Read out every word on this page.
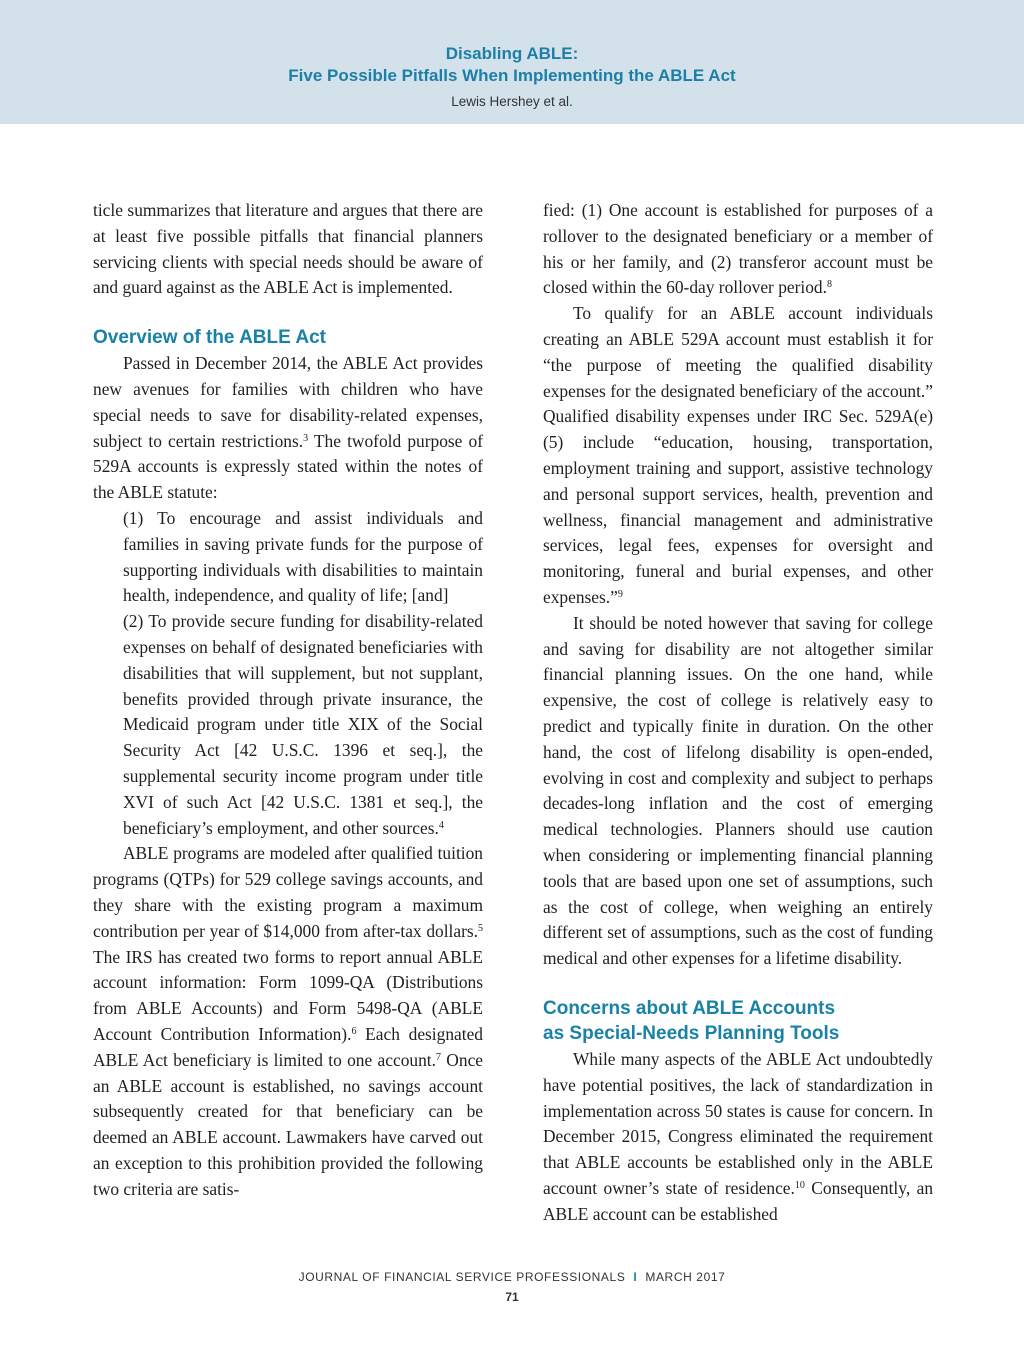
Disabling ABLE:
Five Possible Pitfalls When Implementing the ABLE Act
Lewis Hershey et al.

ticle summarizes that literature and argues that there are at least five possible pitfalls that financial planners servicing clients with special needs should be aware of and guard against as the ABLE Act is implemented.

Overview of the ABLE Act

Passed in December 2014, the ABLE Act provides new avenues for families with children who have special needs to save for disability-related expenses, subject to certain restrictions.$^3$ The twofold purpose of 529A accounts is expressly stated within the notes of the ABLE statute:

(1) To encourage and assist individuals and families in saving private funds for the purpose of supporting individuals with disabilities to maintain health, independence, and quality of life; [and]

(2) To provide secure funding for disability-related expenses on behalf of designated beneficiaries with disabilities that will supplement, but not supplant, benefits provided through private insurance, the Medicaid program under title XIX of the Social Security Act [42 U.S.C. 1396 et seq.], the supplemental security income program under title XVI of such Act [42 U.S.C. 1381 et seq.], the beneficiary’s employment, and other sources.$^4$

ABLE programs are modeled after qualified tuition programs (QTPs) for 529 college savings accounts, and they share with the existing program a maximum contribution per year of $14,000 from after-tax dollars.$^5$ The IRS has created two forms to report annual ABLE account information: Form 1099-QA (Distributions from ABLE Accounts) and Form 5498-QA (ABLE Account Contribution Information).$^6$ Each designated ABLE Act beneficiary is limited to one account.$^7$ Once an ABLE account is established, no savings account subsequently created for that beneficiary can be deemed an ABLE account. Lawmakers have carved out an exception to this prohibition provided the following two criteria are satis-

fied: (1) One account is established for purposes of a rollover to the designated beneficiary or a member of his or her family, and (2) transferor account must be closed within the 60-day rollover period.$^8$

To qualify for an ABLE account individuals creating an ABLE 529A account must establish it for “the purpose of meeting the qualified disability expenses for the designated beneficiary of the account.” Qualified disability expenses under IRC Sec. 529A(e)(5) include “education, housing, transportation, employment training and support, assistive technology and personal support services, health, prevention and wellness, financial management and administrative services, legal fees, expenses for oversight and monitoring, funeral and burial expenses, and other expenses.”$^9$

It should be noted however that saving for college and saving for disability are not altogether similar financial planning issues. On the one hand, while expensive, the cost of college is relatively easy to predict and typically finite in duration. On the other hand, the cost of lifelong disability is open-ended, evolving in cost and complexity and subject to perhaps decades-long inflation and the cost of emerging medical technologies. Planners should use caution when considering or implementing financial planning tools that are based upon one set of assumptions, such as the cost of college, when weighing an entirely different set of assumptions, such as the cost of funding medical and other expenses for a lifetime disability.

Concerns about ABLE Accounts
as Special-Needs Planning Tools

While many aspects of the ABLE Act undoubtedly have potential positives, the lack of standardization in implementation across 50 states is cause for concern. In December 2015, Congress eliminated the requirement that ABLE accounts be established only in the ABLE account owner’s state of residence.$^{10}$ Consequently, an ABLE account can be established

JOURNAL OF FINANCIAL SERVICE PROFESSIONALS I MARCH 2017
71
